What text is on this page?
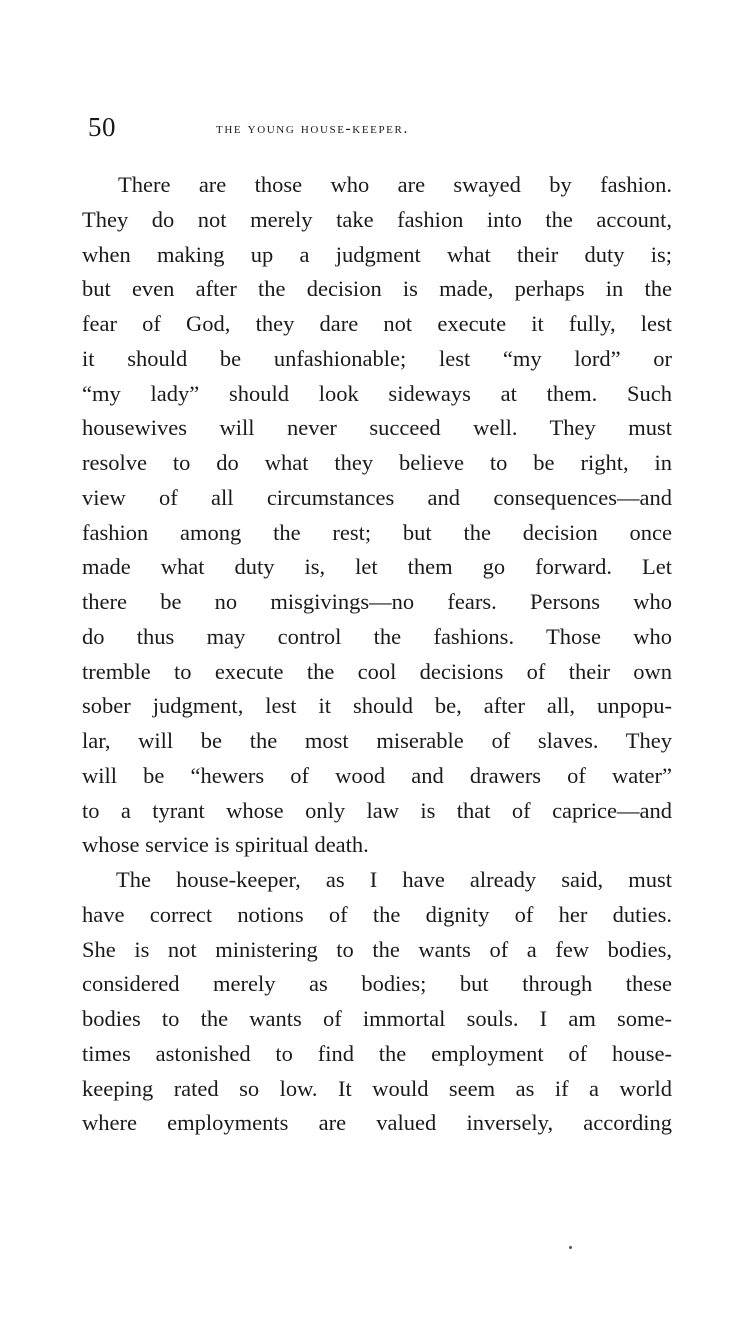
50	the young house-keeper.
There are those who are swayed by fashion.
They do not merely take fashion into the account,
when making up a judgment what their duty is;
but even after the decision is made, perhaps in the
fear of God, they dare not execute it fully, lest
it should be unfashionable; lest “my lord” or
“my lady” should look sideways at them. Such
housewives will never succeed well. They must
resolve to do what they believe to be right, in
view of all circumstances and consequences—and
fashion among the rest; but the decision once
made what duty is, let them go forward. Let
there be no misgivings—no fears. Persons who
do thus may control the fashions. Those who
tremble to execute the cool decisions of their own
sober judgment, lest it should be, after all, unpopu-
lar, will be the most miserable of slaves. They
will be “hewers of wood and drawers of water”
to a tyrant whose only law is that of caprice—and
whose service is spiritual death.
The house-keeper, as I have already said, must
have correct notions of the dignity of her duties.
She is not ministering to the wants of a few bodies,
considered merely as bodies; but through these
bodies to the wants of immortal souls. I am some-
times astonished to find the employment of house-
keeping rated so low. It would seem as if a world
where employments are valued inversely, according
